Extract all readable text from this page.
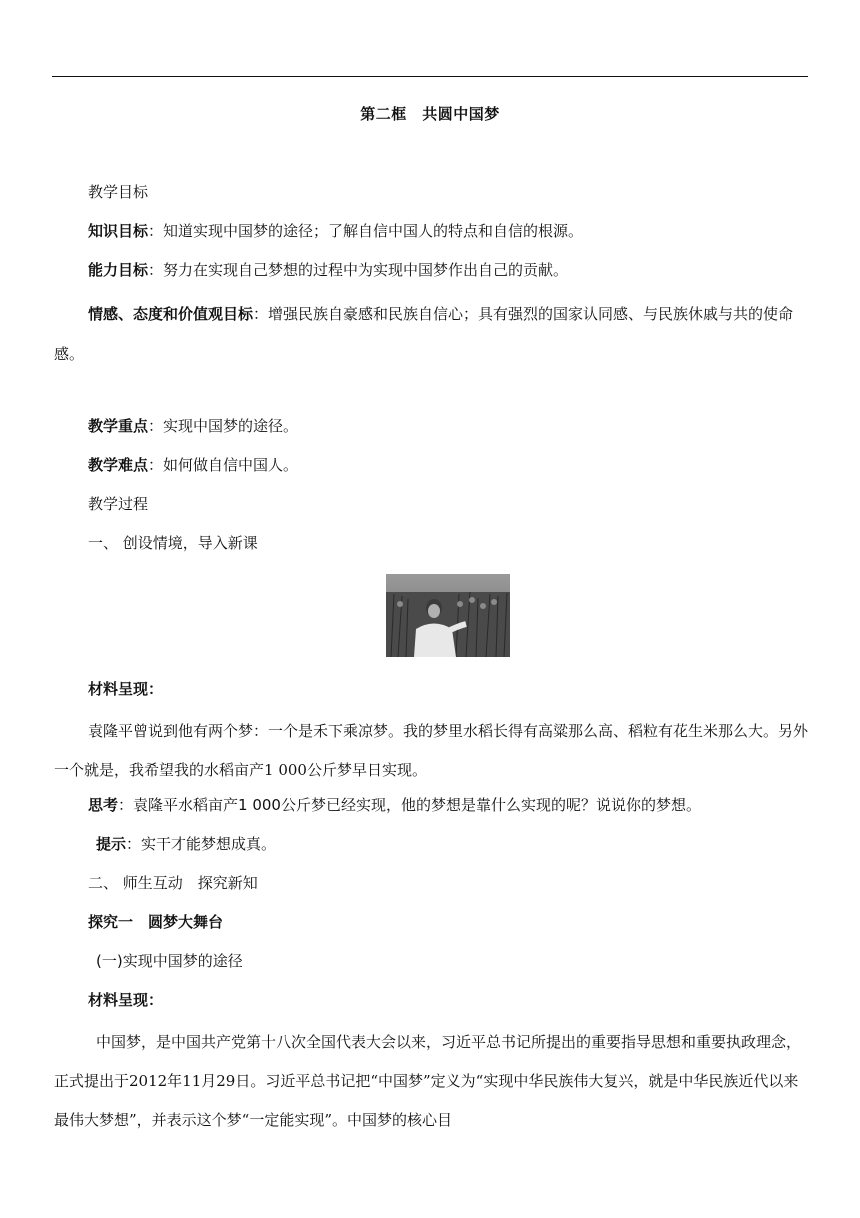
第二框　共圆中国梦

教学目标

知识目标：知道实现中国梦的途径；了解自信中国人的特点和自信的根源。

能力目标：努力在实现自己梦想的过程中为实现中国梦作出自己的贡献。

情感、态度和价值观目标：增强民族自豪感和民族自信心；具有强烈的国家认同感、与民族休戚与共的使命感。

教学重点：实现中国梦的途径。

教学难点：如何做自信中国人。

教学过程

一、 创设情境，导入新课

材料呈现：

袁隆平曾说到他有两个梦：一个是禾下乘凉梦。我的梦里水稻长得有高粱那么高、稻粒有花生米那么大。另外一个就是，我希望我的水稻亩产1 000公斤梦早日实现。

思考：袁隆平水稻亩产1 000公斤梦已经实现，他的梦想是靠什么实现的呢？说说你的梦想。

提示：实干才能梦想成真。

二、 师生互动　探究新知

探究一　圆梦大舞台

(一)实现中国梦的途径

材料呈现：

中国梦，是中国共产党第十八次全国代表大会以来，习近平总书记所提出的重要指导思想和重要执政理念，正式提出于2012年11月29日。习近平总书记把“中国梦”定义为“实现中华民族伟大复兴，就是中华民族近代以来最伟大梦想”，并表示这个梦“一定能实现”。中国梦的核心目
